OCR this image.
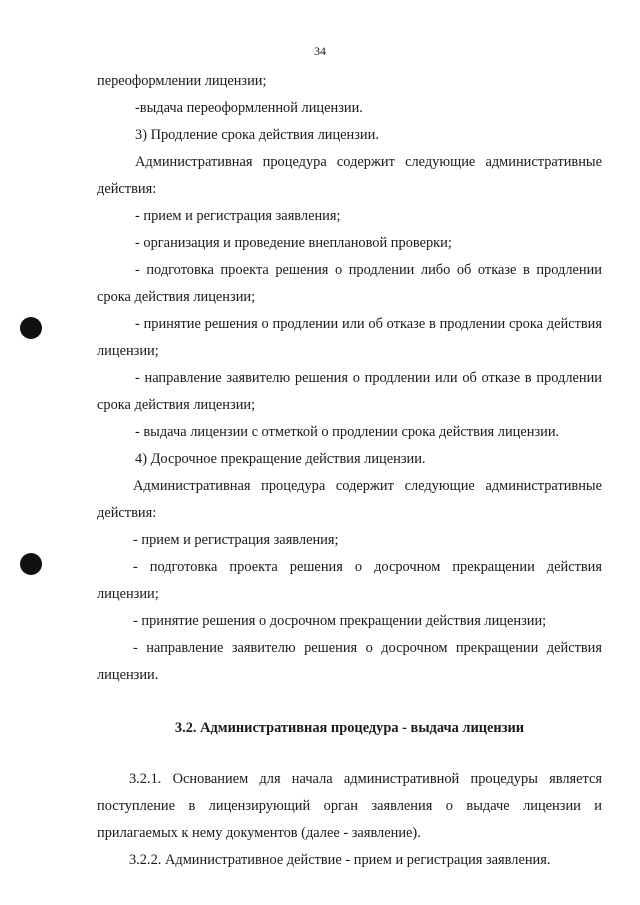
34
переоформлении лицензии;
-выдача переоформленной лицензии.
3) Продление срока действия лицензии.
Административная процедура содержит следующие административные действия:
- прием и регистрация заявления;
- организация и проведение внеплановой проверки;
- подготовка проекта решения о продлении либо об отказе в продлении срока действия лицензии;
- принятие решения о продлении или об отказе в продлении срока действия лицензии;
- направление заявителю решения о продлении или об отказе в продлении срока действия лицензии;
- выдача лицензии с отметкой о продлении срока действия лицензии.
4) Досрочное прекращение действия лицензии.
Административная процедура содержит следующие административные действия:
- прием и регистрация заявления;
- подготовка проекта решения о досрочном прекращении действия лицензии;
- принятие решения о досрочном прекращении действия лицензии;
- направление заявителю решения о досрочном прекращении действия лицензии.
3.2. Административная процедура - выдача лицензии
3.2.1. Основанием для начала административной процедуры является поступление в лицензирующий орган заявления о выдаче лицензии и прилагаемых к нему документов (далее - заявление).
3.2.2. Административное действие - прием и регистрация заявления.
